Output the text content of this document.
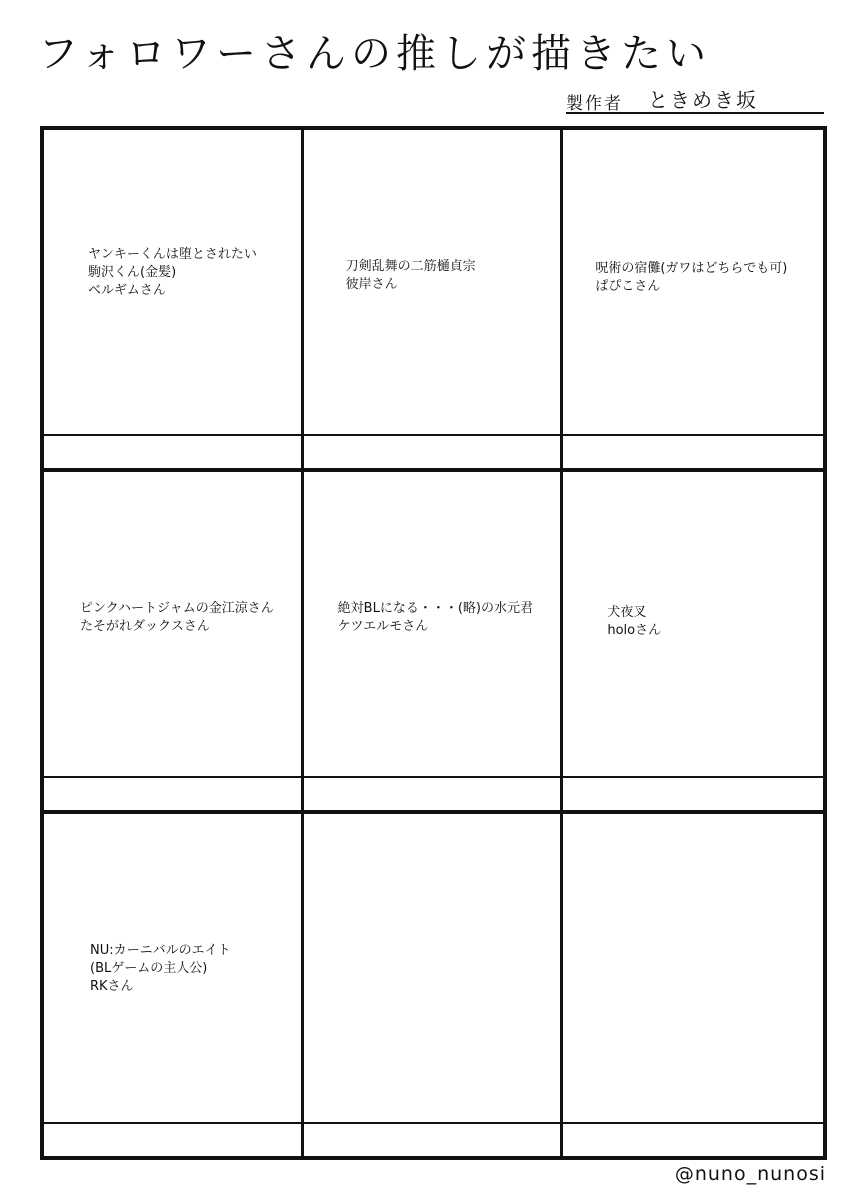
フォロワーさんの推しが描きたい
製作者 ときめき坂
ヤンキーくんは堕とされたい
駒沢くん(金髪)
ベルギムさん
刀剣乱舞の二筋樋貞宗
彼岸さん
呪術の宿儺(ガワはどちらでも可)
ぱぴこさん
ピンクハートジャムの金江涼さん
たそがれダックスさん
絶対BLになる・・・(略)の水元君
ケツエルモさん
犬夜叉
holoさん
NU:カーニバルのエイト
(BLゲームの主人公)
RKさん
@nuno_nunosi
